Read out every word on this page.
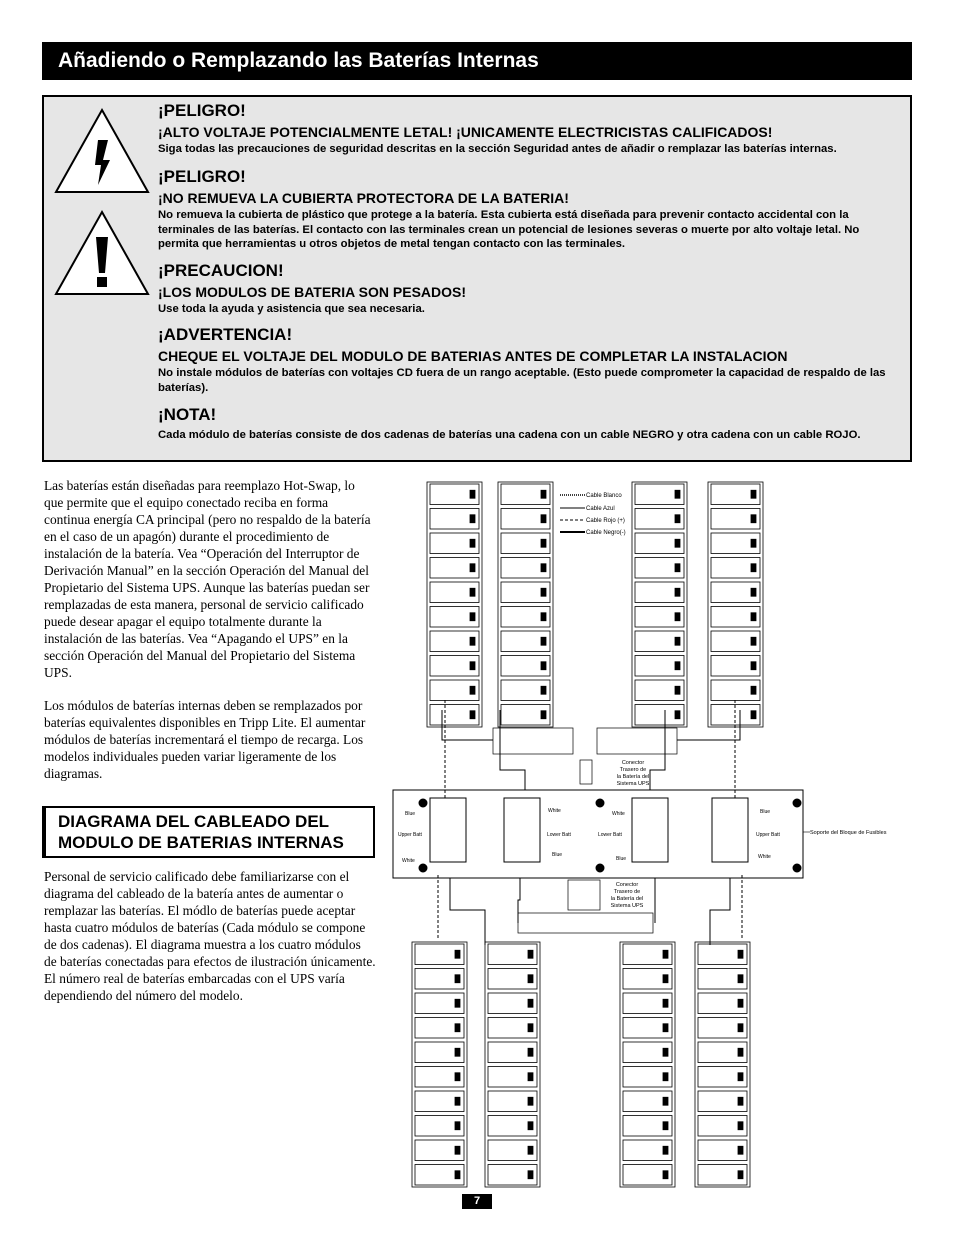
Añadiendo o Remplazando las Baterías Internas

¡PELIGRO!

¡ALTO VOLTAJE POTENCIALMENTE LETAL! ¡UNICAMENTE ELECTRICISTAS CALIFICADOS!

Siga todas las precauciones de seguridad descritas en la sección Seguridad antes de añadir o remplazar las baterías internas.

¡PELIGRO!

¡NO REMUEVA LA CUBIERTA PROTECTORA DE LA BATERIA!

No remueva la cubierta de plástico que protege a la batería. Esta cubierta está diseñada para prevenir contacto accidental con la terminales de las baterías. El contacto con las terminales crean un potencial de lesiones severas o muerte por alto voltaje letal. No permita que herramientas u otros objetos de metal tengan contacto con las terminales.

¡PRECAUCION!

¡LOS MODULOS DE BATERIA SON PESADOS!

Use toda la ayuda y asistencia que sea necesaria.

¡ADVERTENCIA!

CHEQUE EL VOLTAJE DEL MODULO DE BATERIAS ANTES DE COMPLETAR LA INSTALACION

No instale módulos de baterías con voltajes CD fuera de un rango aceptable. (Esto puede comprometer la capacidad de respaldo de las baterías).

¡NOTA!

Cada módulo de baterías consiste de dos cadenas de baterías una cadena con un cable NEGRO y otra cadena con un cable ROJO.

Las baterías están diseñadas para reemplazo Hot-Swap, lo que permite que el equipo conectado reciba en forma continua energía CA principal (pero no respaldo de la batería en el caso de un apagón) durante el procedimiento de instalación de la batería. Vea “Operación del Interruptor de Derivación Manual” en la sección Operación del Manual del Propietario del Sistema UPS. Aunque las baterías puedan ser remplazadas de esta manera, personal de servicio calificado puede desear apagar el equipo totalmente durante la instalación de las baterías. Vea “Apagando el UPS” en la sección Operación del Manual del Propietario del Sistema UPS.
Los módulos de baterías internas deben se remplazados por baterías equivalentes disponibles en Tripp Lite. El aumentar módulos de baterías incrementará el tiempo de recarga. Los modelos individuales pueden variar ligeramente de los diagramas.
DIAGRAMA DEL CABLEADO DEL
MODULO DE BATERIAS INTERNAS
Personal de servicio calificado debe familiarizarse con el diagrama del cableado de la batería antes de aumentar o remplazar las baterías. El módlo de baterías puede aceptar hasta cuatro módulos de baterías (Cada módulo se compone de dos cadenas). El diagrama muestra a los cuatro módulos de baterías conectadas para efectos de ilustración únicamente. El número real de baterías embarcadas con el UPS varía dependiendo del número del modelo.
Blue
Upper Batt
White
White
Lower Batt
Blue
White
Lower Batt
Blue
Blue
Upper Batt
White
Cable Blanco
Cable Azul
Cable Rojo (+)
Cable Negro(-)
Conector
Trasero de
la Batería del
Sistema UPS
Conector
Trasero de
la Batería del
Sistema UPS
Soporte del Bloque de Fusibles
7
